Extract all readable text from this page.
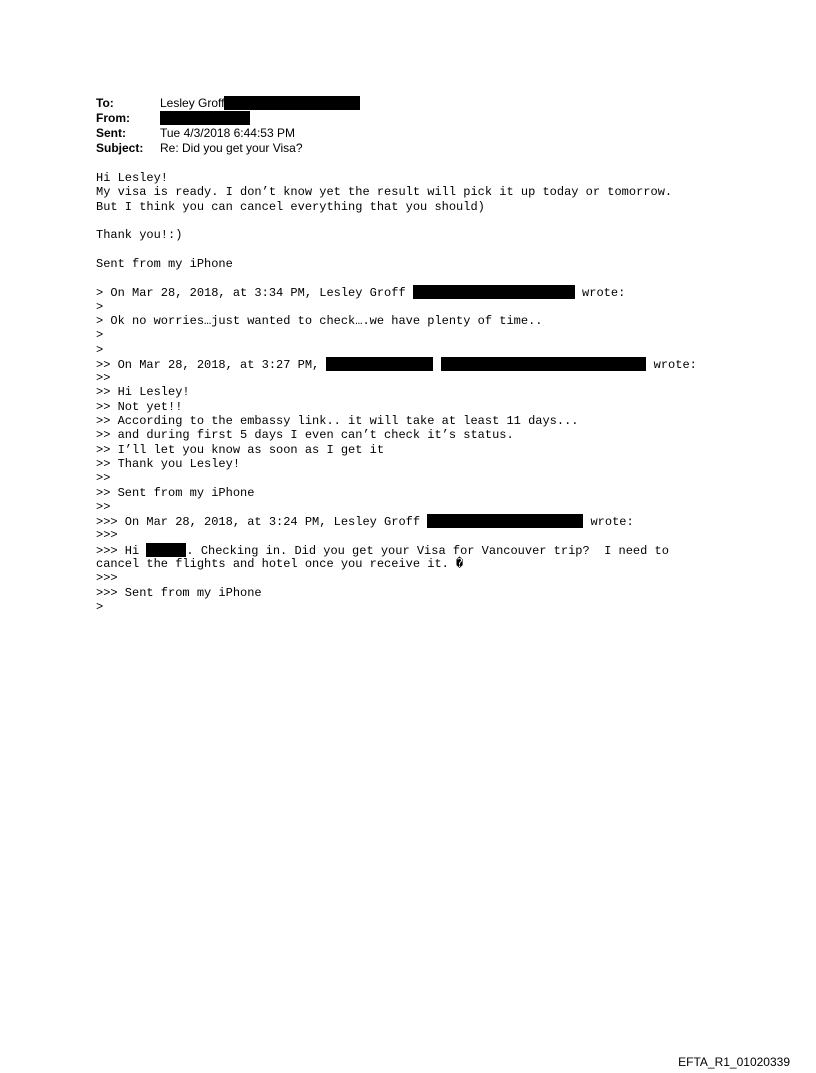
To:	Lesley Groff
From:
Sent:	Tue 4/3/2018 6:44:53 PM
Subject: Re: Did you get your Visa?
Hi Lesley!
My visa is ready. I don’t know yet the result will pick it up today or tomorrow.
But I think you can cancel everything that you should)
Thank you!:)
Sent from my iPhone
> On Mar 28, 2018, at 3:34 PM, Lesley Groff	wrote:
>
> Ok no worries…just wanted to check….we have plenty of time..
>
>
>> On Mar 28, 2018, at 3:27 PM,	wrote:
>>
>> Hi Lesley!
>> Not yet!!
>> According to the embassy link.. it will take at least 11 days...
>> and during first 5 days I even can’t check it’s status.
>> I’ll let you know as soon as I get it
>> Thank you Lesley!
>>
>> Sent from my iPhone
>>
>>> On Mar 28, 2018, at 3:24 PM, Lesley Groff	wrote:
>>>
>>> Hi	. Checking in. Did you get your Visa for Vancouver trip?  I need to
cancel the flights and hotel once you receive it. �
>>>
>>> Sent from my iPhone
>
EFTA_R1_01020339
